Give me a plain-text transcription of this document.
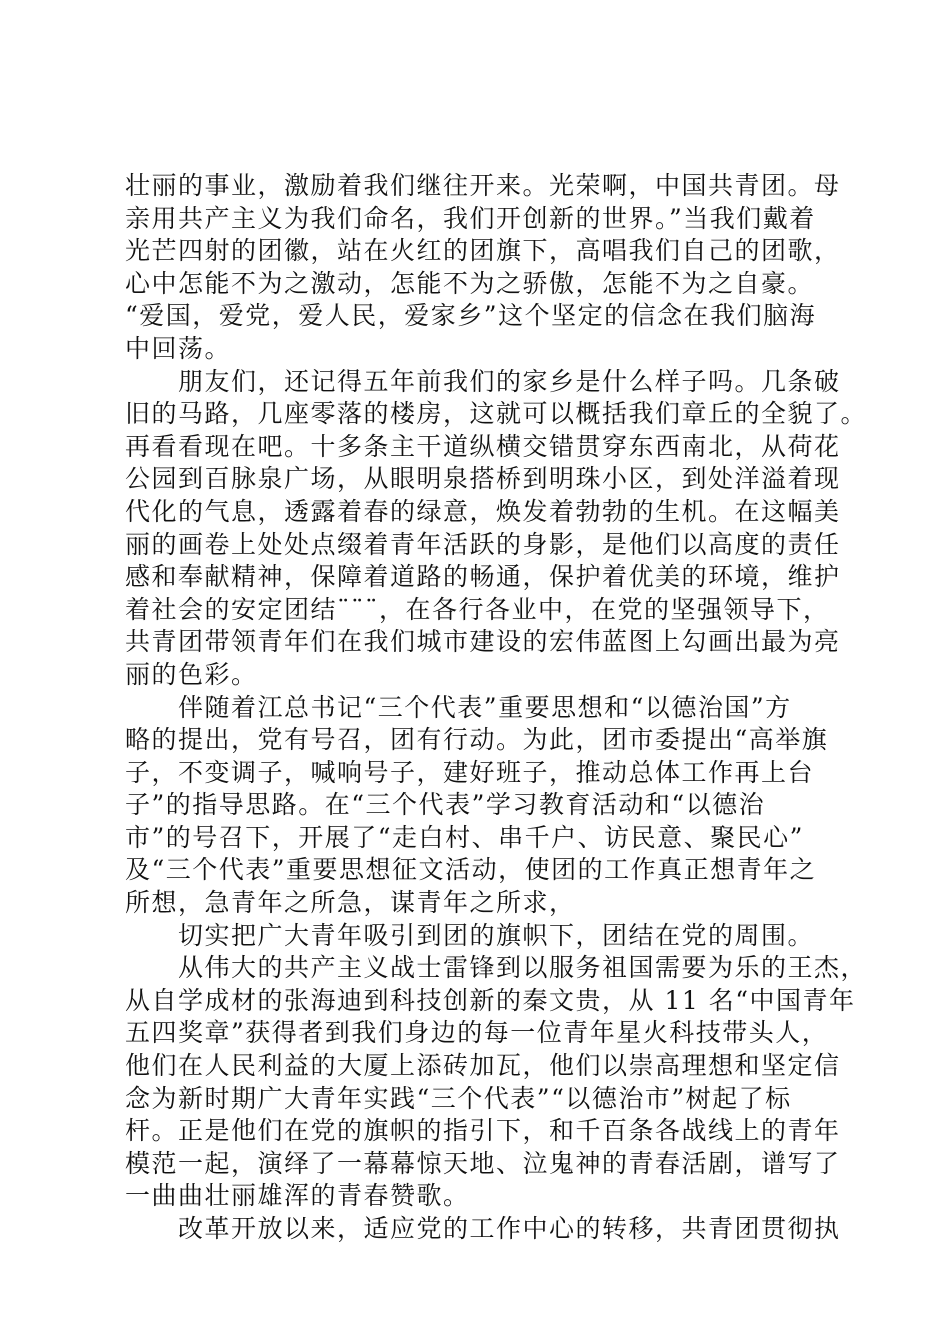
壮丽的事业，激励着我们继往开来。光荣啊，中国共青团。母
亲用共产主义为我们命名，我们开创新的世界。”当我们戴着
光芒四射的团徽，站在火红的团旗下，高唱我们自己的团歌，
心中怎能不为之激动，怎能不为之骄傲，怎能不为之自豪。
“爱国，爱党，爱人民，爱家乡”这个坚定的信念在我们脑海
中回荡。
　　朋友们，还记得五年前我们的家乡是什么样子吗。几条破
旧的马路，几座零落的楼房，这就可以概括我们章丘的全貌了。
再看看现在吧。十多条主干道纵横交错贯穿东西南北，从荷花
公园到百脉泉广场，从眼明泉搭桥到明珠小区，到处洋溢着现
代化的气息，透露着春的绿意，焕发着勃勃的生机。在这幅美
丽的画卷上处处点缀着青年活跃的身影，是他们以高度的责任
感和奉献精神，保障着道路的畅通，保护着优美的环境，维护
着社会的安定团结¨¨¨，在各行各业中，在党的坚强领导下，
共青团带领青年们在我们城市建设的宏伟蓝图上勾画出最为亮
丽的色彩。
　　伴随着江总书记“三个代表”重要思想和“以德治国”方
略的提出，党有号召，团有行动。为此，团市委提出“高举旗
子，不变调子，喊响号子，建好班子，推动总体工作再上台
子”的指导思路。在“三个代表”学习教育活动和“以德治
市”的号召下，开展了“走白村、串千户、访民意、聚民心”
及“三个代表”重要思想征文活动，使团的工作真正想青年之
所想，急青年之所急，谋青年之所求，
　　切实把广大青年吸引到团的旗帜下，团结在党的周围。
　　从伟大的共产主义战士雷锋到以服务祖国需要为乐的王杰，
从自学成材的张海迪到科技创新的秦文贵，从 11 名“中国青年
五四奖章”获得者到我们身边的每一位青年星火科技带头人，
他们在人民利益的大厦上添砖加瓦，他们以崇高理想和坚定信
念为新时期广大青年实践“三个代表”“以德治市”树起了标
杆。正是他们在党的旗帜的指引下，和千百条各战线上的青年
模范一起，演绎了一幕幕惊天地、泣鬼神的青春活剧，谱写了
一曲曲壮丽雄浑的青春赞歌。
　　改革开放以来，适应党的工作中心的转移，共青团贯彻执
